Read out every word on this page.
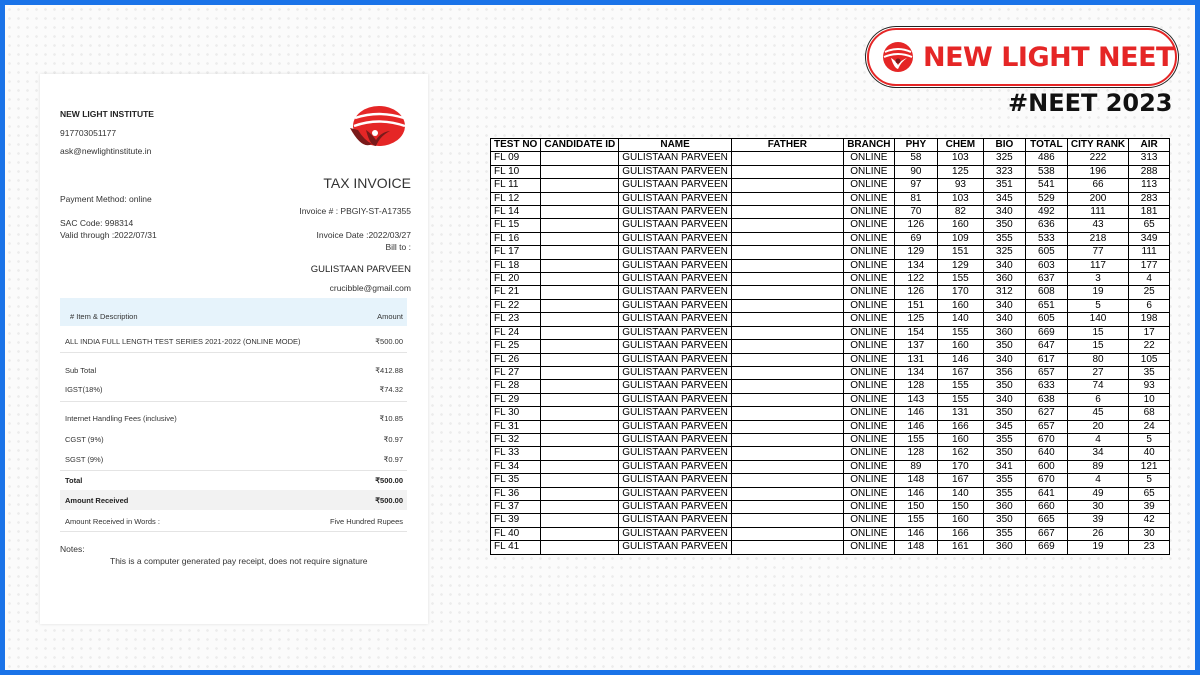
NEW LIGHT NEET
#NEET 2023
NEW LIGHT INSTITUTE
917703051177
ask@newlightinstitute.in
TAX INVOICE
Payment Method: online
Invoice # : PBGIY-ST-A17355
SAC Code: 998314
Valid through :2022/07/31	Invoice Date :2022/03/27
Bill to :
GULISTAAN PARVEEN
crucibble@gmail.com
# Item & Description	Amount
ALL INDIA FULL LENGTH TEST SERIES 2021-2022 (ONLINE MODE)	₹500.00
Sub Total	₹412.88
IGST(18%)	₹74.32
Internet Handling Fees (inclusive)	₹10.85
CGST (9%)	₹0.97
SGST (9%)	₹0.97
Total	₹500.00
Amount Received	₹500.00
Amount Received in Words :	Five Hundred Rupees
Notes:
This is a computer generated pay receipt, does not require signature
TEST NO	CANDIDATE ID	NAME	FATHER	BRANCH	PHY	CHEM	BIO	TOTAL	CITY RANK	AIR
FL 09		GULISTAAN PARVEEN		ONLINE	58	103	325	486	222	313
FL 10		GULISTAAN PARVEEN		ONLINE	90	125	323	538	196	288
FL 11		GULISTAAN PARVEEN		ONLINE	97	93	351	541	66	113
FL 12		GULISTAAN PARVEEN		ONLINE	81	103	345	529	200	283
FL 14		GULISTAAN PARVEEN		ONLINE	70	82	340	492	111	181
FL 15		GULISTAAN PARVEEN		ONLINE	126	160	350	636	43	65
FL 16		GULISTAAN PARVEEN		ONLINE	69	109	355	533	218	349
FL 17		GULISTAAN PARVEEN		ONLINE	129	151	325	605	77	111
FL 18		GULISTAAN PARVEEN		ONLINE	134	129	340	603	117	177
FL 20		GULISTAAN PARVEEN		ONLINE	122	155	360	637	3	4
FL 21		GULISTAAN PARVEEN		ONLINE	126	170	312	608	19	25
FL 22		GULISTAAN PARVEEN		ONLINE	151	160	340	651	5	6
FL 23		GULISTAAN PARVEEN		ONLINE	125	140	340	605	140	198
FL 24		GULISTAAN PARVEEN		ONLINE	154	155	360	669	15	17
FL 25		GULISTAAN PARVEEN		ONLINE	137	160	350	647	15	22
FL 26		GULISTAAN PARVEEN		ONLINE	131	146	340	617	80	105
FL 27		GULISTAAN PARVEEN		ONLINE	134	167	356	657	27	35
FL 28		GULISTAAN PARVEEN		ONLINE	128	155	350	633	74	93
FL 29		GULISTAAN PARVEEN		ONLINE	143	155	340	638	6	10
FL 30		GULISTAAN PARVEEN		ONLINE	146	131	350	627	45	68
FL 31		GULISTAAN PARVEEN		ONLINE	146	166	345	657	20	24
FL 32		GULISTAAN PARVEEN		ONLINE	155	160	355	670	4	5
FL 33		GULISTAAN PARVEEN		ONLINE	128	162	350	640	34	40
FL 34		GULISTAAN PARVEEN		ONLINE	89	170	341	600	89	121
FL 35		GULISTAAN PARVEEN		ONLINE	148	167	355	670	4	5
FL 36		GULISTAAN PARVEEN		ONLINE	146	140	355	641	49	65
FL 37		GULISTAAN PARVEEN		ONLINE	150	150	360	660	30	39
FL 39		GULISTAAN PARVEEN		ONLINE	155	160	350	665	39	42
FL 40		GULISTAAN PARVEEN		ONLINE	146	166	355	667	26	30
FL 41		GULISTAAN PARVEEN		ONLINE	148	161	360	669	19	23
